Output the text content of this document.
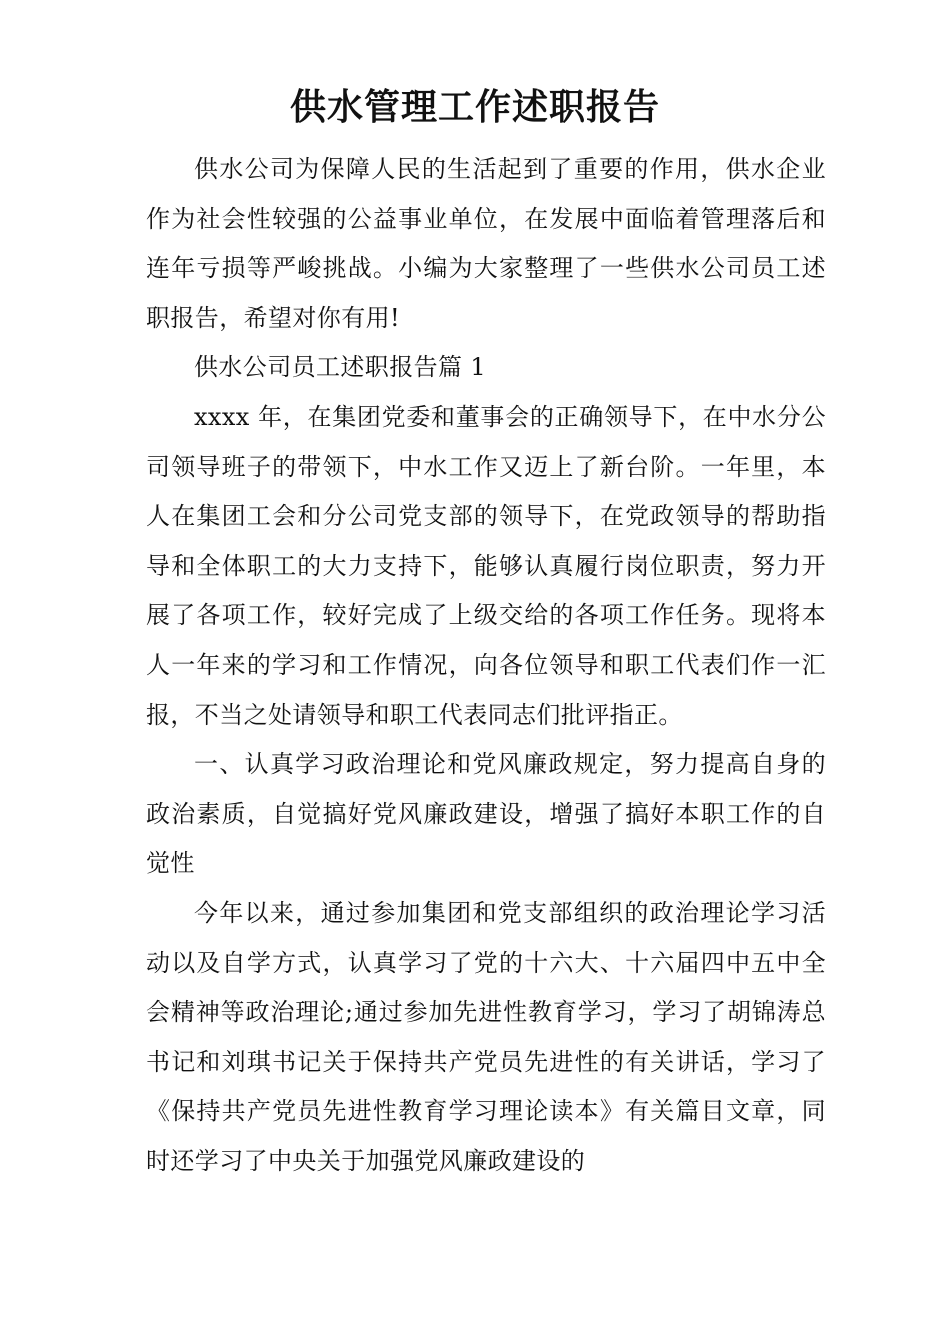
供水管理工作述职报告

供水公司为保障人民的生活起到了重要的作用，供水企业作为社会性较强的公益事业单位，在发展中面临着管理落后和连年亏损等严峻挑战。小编为大家整理了一些供水公司员工述职报告，希望对你有用!

供水公司员工述职报告篇 1

xxxx 年，在集团党委和董事会的正确领导下，在中水分公司领导班子的带领下，中水工作又迈上了新台阶。一年里，本人在集团工会和分公司党支部的领导下，在党政领导的帮助指导和全体职工的大力支持下，能够认真履行岗位职责，努力开展了各项工作，较好完成了上级交给的各项工作任务。现将本人一年来的学习和工作情况，向各位领导和职工代表们作一汇报，不当之处请领导和职工代表同志们批评指正。

一、认真学习政治理论和党风廉政规定，努力提高自身的政治素质，自觉搞好党风廉政建设，增强了搞好本职工作的自觉性

今年以来，通过参加集团和党支部组织的政治理论学习活动以及自学方式，认真学习了党的十六大、十六届四中五中全会精神等政治理论;通过参加先进性教育学习，学习了胡锦涛总书记和刘琪书记关于保持共产党员先进性的有关讲话，学习了《保持共产党员先进性教育学习理论读本》有关篇目文章，同时还学习了中央关于加强党风廉政建设的
